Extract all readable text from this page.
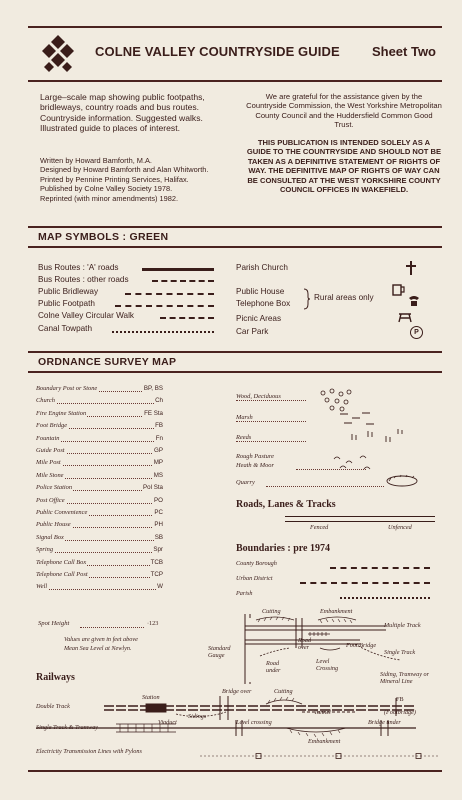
COLNE VALLEY COUNTRYSIDE GUIDE Sheet Two
Large–scale map showing public footpaths, bridleways, country roads and bus routes. Countryside information. Suggested walks. Illustrated guide to places of interest.
Written by Howard Bamforth, M.A.
Designed by Howard Bamforth and Alan Whitworth.
Printed by Pennine Printing Services, Halifax.
Published by Colne Valley Society 1978.
Reprinted (with minor amendments) 1982.
We are grateful for the assistance given by the Countryside Commission, the West Yorkshire Metropolitan County Council and the Huddersfield Common Good Trust.
THIS PUBLICATION IS INTENDED SOLELY AS A GUIDE TO THE COUNTRYSIDE AND SHOULD NOT BE TAKEN AS A DEFINITIVE STATEMENT OF RIGHTS OF WAY. THE DEFINITIVE MAP OF RIGHTS OF WAY CAN BE CONSULTED AT THE WEST YORKSHIRE COUNTY COUNCIL OFFICES IN WAKEFIELD.
MAP SYMBOLS : GREEN
Bus Routes : 'A' roads
Bus Routes : other roads
Public Bridleway
Public Footpath
Colne Valley Circular Walk
Canal Towpath
Parish Church
Public House
Telephone Box
Rural areas only
Picnic Areas
Car Park	P
ORDNANCE SURVEY MAP
Boundary Post or Stone	BP, BS
Church	Ch
Fire Engine Station	FE Sta
Foot Bridge	FB
Fountain	Fn
Guide Post	GP
Mile Post	MP
Mile Stone	MS
Police Station	Pol Sta
Post Office	PO
Public Convenience	PC
Public House	PH
Signal Box	SB
Spring	Spr
Telephone Call Box	TCB
Telephone Call Post	TCP
Well	W
Wood, Deciduous
Marsh
Reeds
Rough Pasture
Heath & Moor
Quarry
Roads, Lanes & Tracks
Fenced	Unfenced
Boundaries : pre 1974
County Borough
Urban District
Parish
Spot Height	·123
Values are given in feet above
Mean Sea Level at Newlyn.
Cutting	Embankment
Multiple Track
Road over	Foot Bridge
Standard Gauge	Single Track
Road under
Level Crossing
Siding, Tramway or Mineral Line
Railways
Station
Bridge over	Cutting
FB
(Footbridge)
Double Track
Sidings
Tunnel
Viaduct
Single Track & Tramway
Level crossing	Bridge under
Embankment
Electricity Transmission Lines with Pylons
